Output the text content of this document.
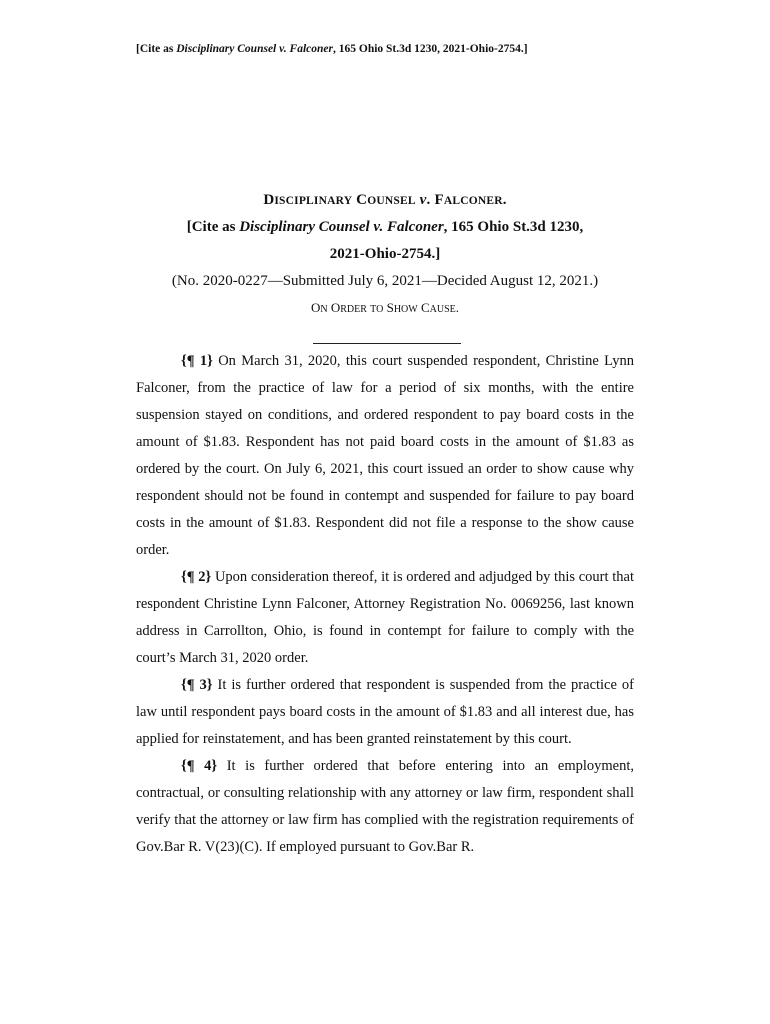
[Cite as Disciplinary Counsel v. Falconer, 165 Ohio St.3d 1230, 2021-Ohio-2754.]
DISCIPLINARY COUNSEL v. FALCONER.
[Cite as Disciplinary Counsel v. Falconer, 165 Ohio St.3d 1230,
2021-Ohio-2754.]
(No. 2020-0227—Submitted July 6, 2021—Decided August 12, 2021.)
ON ORDER TO SHOW CAUSE.

{¶ 1} On March 31, 2020, this court suspended respondent, Christine Lynn Falconer, from the practice of law for a period of six months, with the entire suspension stayed on conditions, and ordered respondent to pay board costs in the amount of $1.83. Respondent has not paid board costs in the amount of $1.83 as ordered by the court. On July 6, 2021, this court issued an order to show cause why respondent should not be found in contempt and suspended for failure to pay board costs in the amount of $1.83. Respondent did not file a response to the show cause order.

{¶ 2} Upon consideration thereof, it is ordered and adjudged by this court that respondent Christine Lynn Falconer, Attorney Registration No. 0069256, last known address in Carrollton, Ohio, is found in contempt for failure to comply with the court’s March 31, 2020 order.

{¶ 3} It is further ordered that respondent is suspended from the practice of law until respondent pays board costs in the amount of $1.83 and all interest due, has applied for reinstatement, and has been granted reinstatement by this court.

{¶ 4} It is further ordered that before entering into an employment, contractual, or consulting relationship with any attorney or law firm, respondent shall verify that the attorney or law firm has complied with the registration requirements of Gov.Bar R. V(23)(C). If employed pursuant to Gov.Bar R.
